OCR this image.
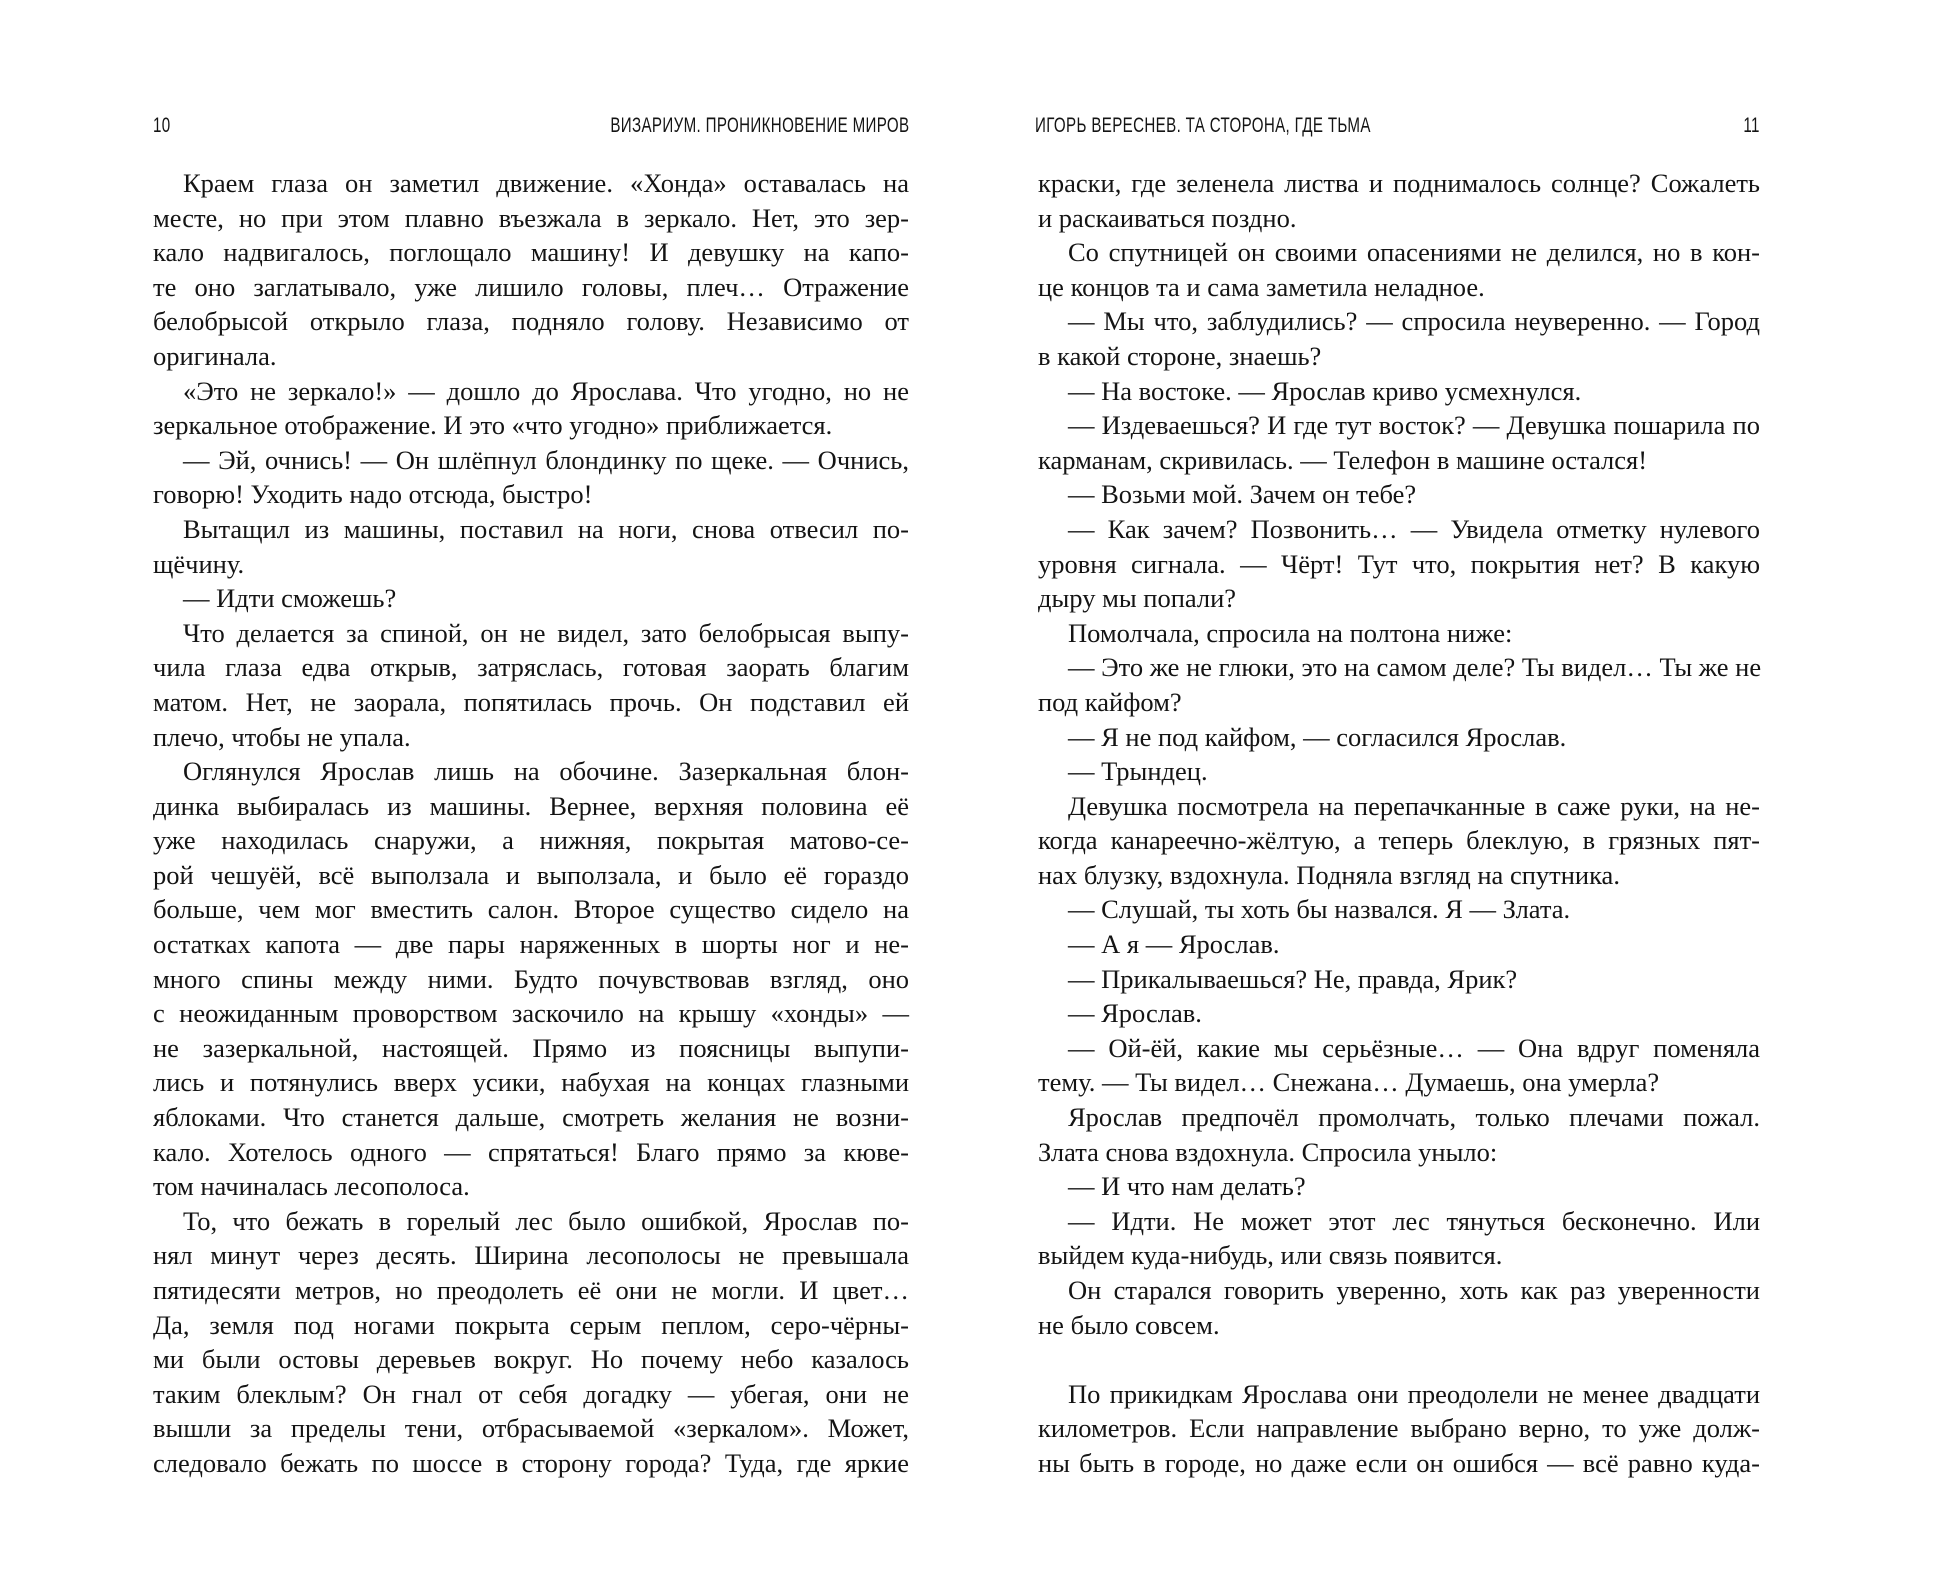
10	ВИЗАРИУМ. ПРОНИКНОВЕНИЕ МИРОВ
Краем глаза он заметил движение. «Хонда» оставалась на
месте, но при этом плавно въезжала в зеркало. Нет, это зер-
кало надвигалось, поглощало машину! И девушку на капо-
те оно заглатывало, уже лишило головы, плеч… Отражение
белобрысой открыло глаза, подняло голову. Независимо от
оригинала.
«Это не зеркало!» — дошло до Ярослава. Что угодно, но не
зеркальное отображение. И это «что угодно» приближается.
— Эй, очнись! — Он шлёпнул блондинку по щеке. — Очнись,
говорю! Уходить надо отсюда, быстро!
Вытащил из машины, поставил на ноги, снова отвесил по-
щёчину.
— Идти сможешь?
Что делается за спиной, он не видел, зато белобрысая выпу-
чила глаза едва открыв, затряслась, готовая заорать благим
матом. Нет, не заорала, попятилась прочь. Он подставил ей
плечо, чтобы не упала.
Оглянулся Ярослав лишь на обочине. Зазеркальная блон-
динка выбиралась из машины. Вернее, верхняя половина её
уже находилась снаружи, а нижняя, покрытая матово-се-
рой чешуёй, всё выползала и выползала, и было её гораздо
больше, чем мог вместить салон. Второе существо сидело на
остатках капота — две пары наряженных в шорты ног и не-
много спины между ними. Будто почувствовав взгляд, оно
с неожиданным проворством заскочило на крышу «хонды» —
не зазеркальной, настоящей. Прямо из поясницы выпупи-
лись и потянулись вверх усики, набухая на концах глазными
яблоками. Что станется дальше, смотреть желания не возни-
кало. Хотелось одного — спрятаться! Благо прямо за кюве-
том начиналась лесополоса.
То, что бежать в горелый лес было ошибкой, Ярослав по-
нял минут через десять. Ширина лесополосы не превышала
пятидесяти метров, но преодолеть её они не могли. И цвет…
Да, земля под ногами покрыта серым пеплом, серо-чёрны-
ми были остовы деревьев вокруг. Но почему небо казалось
таким блеклым? Он гнал от себя догадку — убегая, они не
вышли за пределы тени, отбрасываемой «зеркалом». Может,
следовало бежать по шоссе в сторону города? Туда, где яркие
ИГОРЬ ВЕРЕСНЕВ. ТА СТОРОНА, ГДЕ ТЬМА	11
краски, где зеленела листва и поднималось солнце? Сожалеть
и раскаиваться поздно.
Со спутницей он своими опасениями не делился, но в кон-
це концов та и сама заметила неладное.
— Мы что, заблудились? — спросила неуверенно. — Город
в какой стороне, знаешь?
— На востоке. — Ярослав криво усмехнулся.
— Издеваешься? И где тут восток? — Девушка пошарила по
карманам, скривилась. — Телефон в машине остался!
— Возьми мой. Зачем он тебе?
— Как зачем? Позвонить… — Увидела отметку нулевого
уровня сигнала. — Чёрт! Тут что, покрытия нет? В какую
дыру мы попали?
Помолчала, спросила на полтона ниже:
— Это же не глюки, это на самом деле? Ты видел… Ты же не
под кайфом?
— Я не под кайфом, — согласился Ярослав.
— Трындец.
Девушка посмотрела на перепачканные в саже руки, на не-
когда канареечно-жёлтую, а теперь блеклую, в грязных пят-
нах блузку, вздохнула. Подняла взгляд на спутника.
— Слушай, ты хоть бы назвался. Я — Злата.
— А я — Ярослав.
— Прикалываешься? Не, правда, Ярик?
— Ярослав.
— Ой-ёй, какие мы серьёзные… — Она вдруг поменяла
тему. — Ты видел… Снежана… Думаешь, она умерла?
Ярослав предпочёл промолчать, только плечами пожал.
Злата снова вздохнула. Спросила уныло:
— И что нам делать?
— Идти. Не может этот лес тянуться бесконечно. Или
выйдем куда-нибудь, или связь появится.
Он старался говорить уверенно, хоть как раз уверенности
не было совсем.
По прикидкам Ярослава они преодолели не менее двадцати
километров. Если направление выбрано верно, то уже долж-
ны быть в городе, но даже если он ошибся — всё равно куда-
